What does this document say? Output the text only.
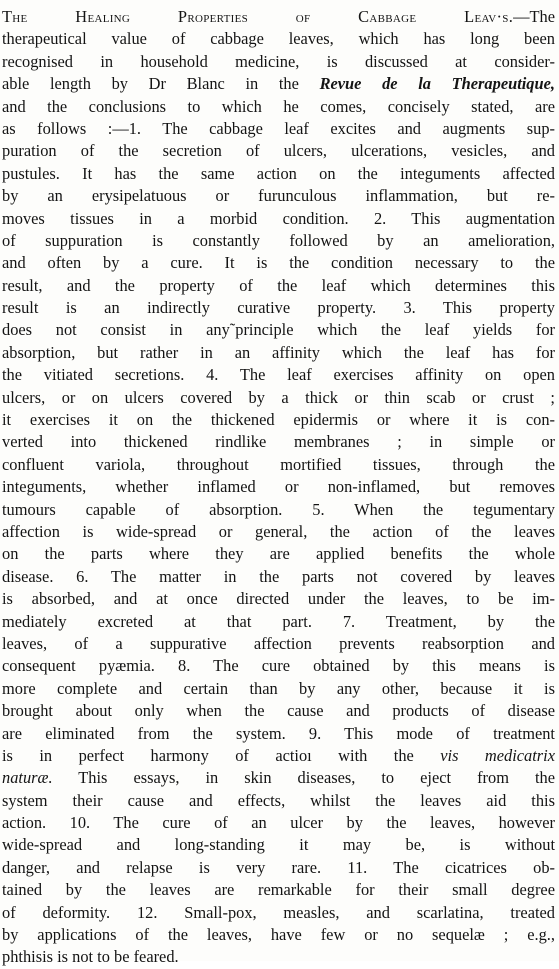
The Healing Properties of Cabbage Leav·s.—The
therapeutical value of cabbage leaves, which has long been
recognised in household medicine, is discussed at consider-
able length by Dr Blanc in the Revue de la Therapeutique,
and the conclusions to which he comes, concisely stated, are
as follows :—1. The cabbage leaf excites and augments sup-
puration of the secretion of ulcers, ulcerations, vesicles, and
pustules. It has the same action on the integuments affected
by an erysipelatuous or furunculous inflammation, but re-
moves tissues in a morbid condition. 2. This augmentation
of suppuration is constantly followed by an amelioration,
and often by a cure. It is the condition necessary to the
result, and the property of the leaf which determines this
result is an indirectly curative property. 3. This property
does not consist in any˜principle which the leaf yields for
absorption, but rather in an affinity which the leaf has for
the vitiated secretions. 4. The leaf exercises affinity on open
ulcers, or on ulcers covered by a thick or thin scab or crust ;
it exercises it on the thickened epidermis or where it is con-
verted into thickened rindlike membranes ; in simple or
confluent variola, throughout mortified tissues, through the
integuments, whether inflamed or non-inflamed, but removes
tumours capable of absorption. 5. When the tegumentary
affection is wide-spread or general, the action of the leaves
on the parts where they are applied benefits the whole
disease. 6. The matter in the parts not covered by leaves
is absorbed, and at once directed under the leaves, to be im-
mediately excreted at that part. 7. Treatment, by the
leaves, of a suppurative affection prevents reabsorption and
consequent pyæmia. 8. The cure obtained by this means is
more complete and certain than by any other, because it is
brought about only when the cause and products of disease
are eliminated from the system. 9. This mode of treatment
is in perfect harmony of actioı with the vis medicatrix
naturæ. This essays, in skin diseases, to eject from the
system their cause and effects, whilst the leaves aid this
action. 10. The cure of an ulcer by the leaves, however
wide-spread and long-standing it may be, is without
danger, and relapse is very rare. 11. The cicatrices ob-
tained by the leaves are remarkable for their small degree
of deformity. 12. Small-pox, measles, and scarlatina, treated
by applications of the leaves, have few or no sequelæ ; e.g.,
phthisis is not to be feared.
